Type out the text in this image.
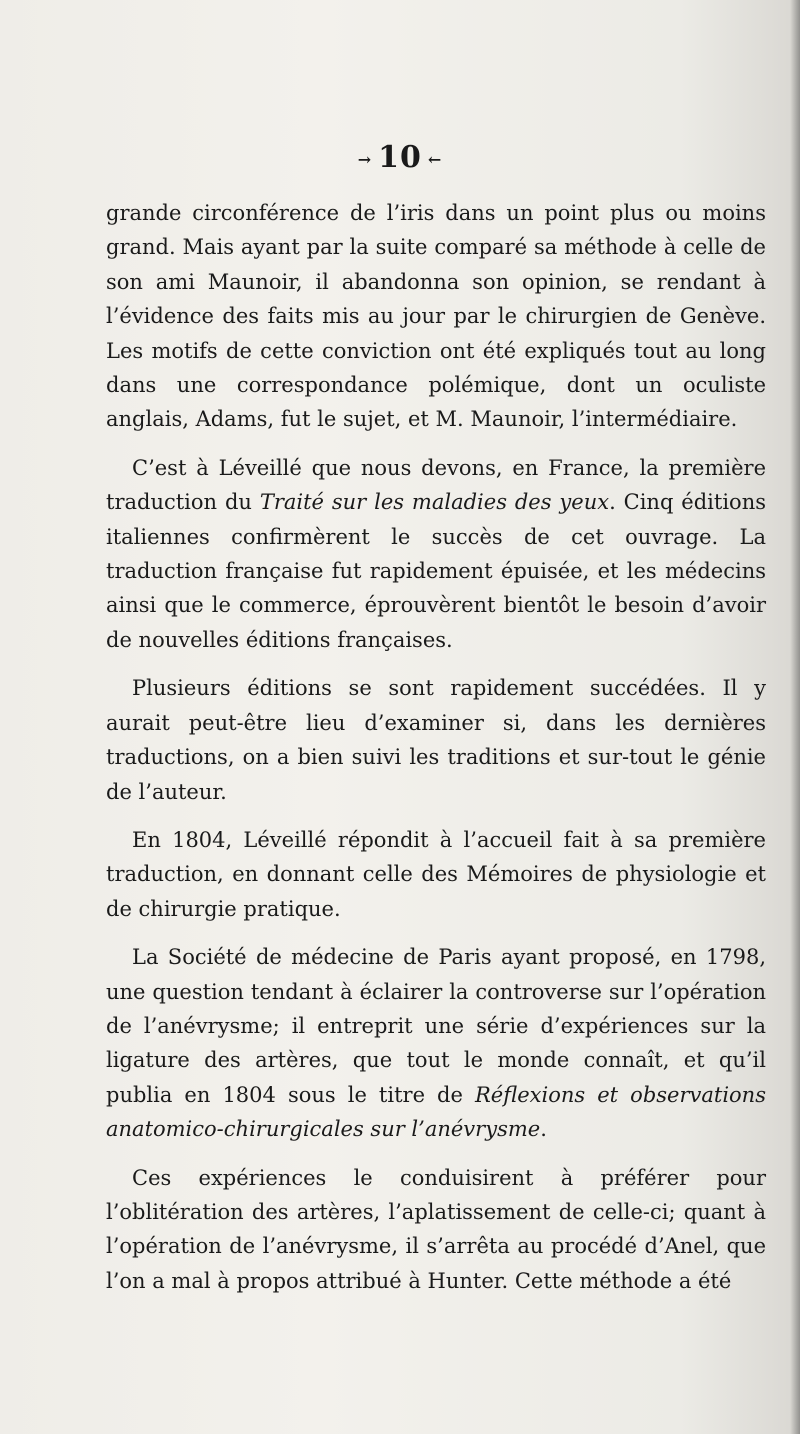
→ 10 ←

grande circonférence de l’iris dans un point plus ou moins grand. Mais ayant par la suite comparé sa méthode à celle de son ami Maunoir, il abandonna son opinion, se rendant à l’évidence des faits mis au jour par le chirurgien de Genève. Les motifs de cette conviction ont été expliqués tout au long dans une correspondance polémique, dont un oculiste anglais, Adams, fut le sujet, et M. Maunoir, l’intermédiaire.

C’est à Léveillé que nous devons, en France, la première traduction du Traité sur les maladies des yeux. Cinq éditions italiennes confirmèrent le succès de cet ouvrage. La traduction française fut rapidement épuisée, et les médecins ainsi que le commerce, éprouvèrent bientôt le besoin d’avoir de nouvelles éditions françaises.

Plusieurs éditions se sont rapidement succédées. Il y aurait peut-être lieu d’examiner si, dans les dernières traductions, on a bien suivi les traditions et sur-tout le génie de l’auteur.

En 1804, Léveillé répondit à l’accueil fait à sa première traduction, en donnant celle des Mémoires de physiologie et de chirurgie pratique.

La Société de médecine de Paris ayant proposé, en 1798, une question tendant à éclairer la controverse sur l’opération de l’anévrysme; il entreprit une série d’expériences sur la ligature des artères, que tout le monde connaît, et qu’il publia en 1804 sous le titre de Réflexions et observations anatomico-chirurgicales sur l’anévrysme.

Ces expériences le conduisirent à préférer pour l’oblitération des artères, l’aplatissement de celle-ci; quant à l’opération de l’anévrysme, il s’arrêta au procédé d’Anel, que l’on a mal à propos attribué à Hunter. Cette méthode a été
